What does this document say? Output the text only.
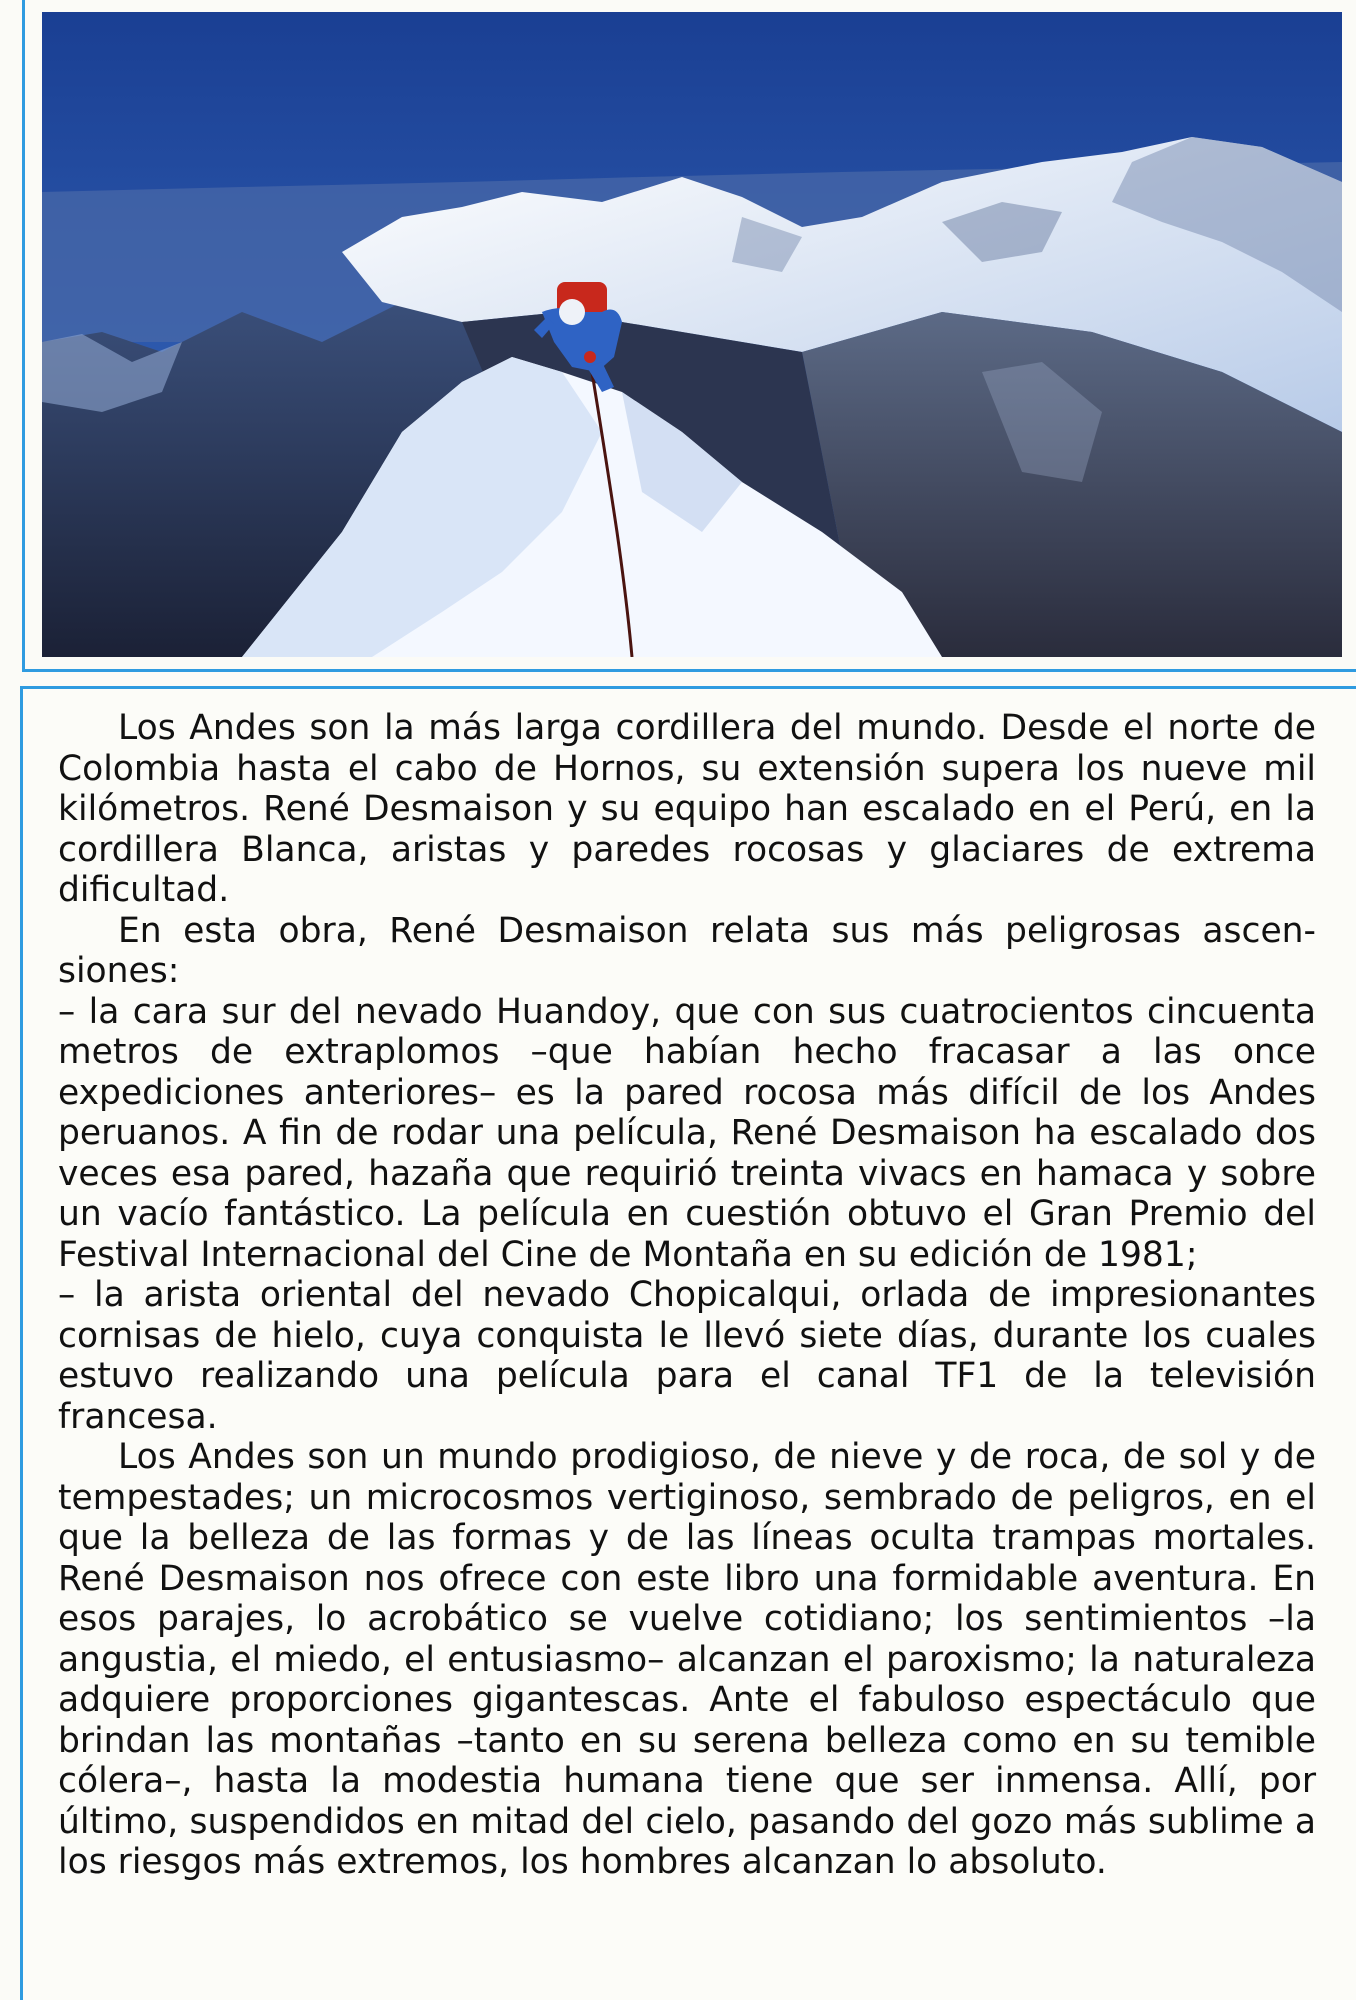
Los Andes son la más larga cordillera del mundo. Desde el norte de Colombia hasta el cabo de Hornos, su extensión supera los nueve mil kilómetros. René Desmaison y su equipo han escalado en el Perú, en la cordillera Blanca, aristas y paredes rocosas y glaciares de extrema dificultad.

En esta obra, René Desmaison relata sus más peligrosas ascensiones:

– la cara sur del nevado Huandoy, que con sus cuatrocientos cincuenta metros de extraplomos –que habían hecho fracasar a las once expediciones anteriores– es la pared rocosa más difícil de los Andes peruanos. A fin de rodar una película, René Desmaison ha escalado dos veces esa pared, hazaña que requirió treinta vivacs en hamaca y sobre un vacío fantástico. La película en cuestión obtuvo el Gran Premio del Festival Internacional del Cine de Montaña en su edición de 1981;

– la arista oriental del nevado Chopicalqui, orlada de impresionantes cornisas de hielo, cuya conquista le llevó siete días, durante los cuales estuvo realizando una película para el canal TF1 de la televisión francesa.

Los Andes son un mundo prodigioso, de nieve y de roca, de sol y de tempestades; un microcosmos vertiginoso, sembrado de peligros, en el que la belleza de las formas y de las líneas oculta trampas mortales. René Desmaison nos ofrece con este libro una formidable aventura. En esos parajes, lo acrobático se vuelve cotidiano; los sentimientos –la angustia, el miedo, el entusiasmo– alcanzan el paroxismo; la naturaleza adquiere proporciones gigantescas. Ante el fabuloso espectáculo que brindan las montañas –tanto en su serena belleza como en su temible cólera–, hasta la modestia humana tiene que ser inmensa. Allí, por último, suspendidos en mitad del cielo, pasando del gozo más sublime a los riesgos más extremos, los hombres alcanzan lo absoluto.
